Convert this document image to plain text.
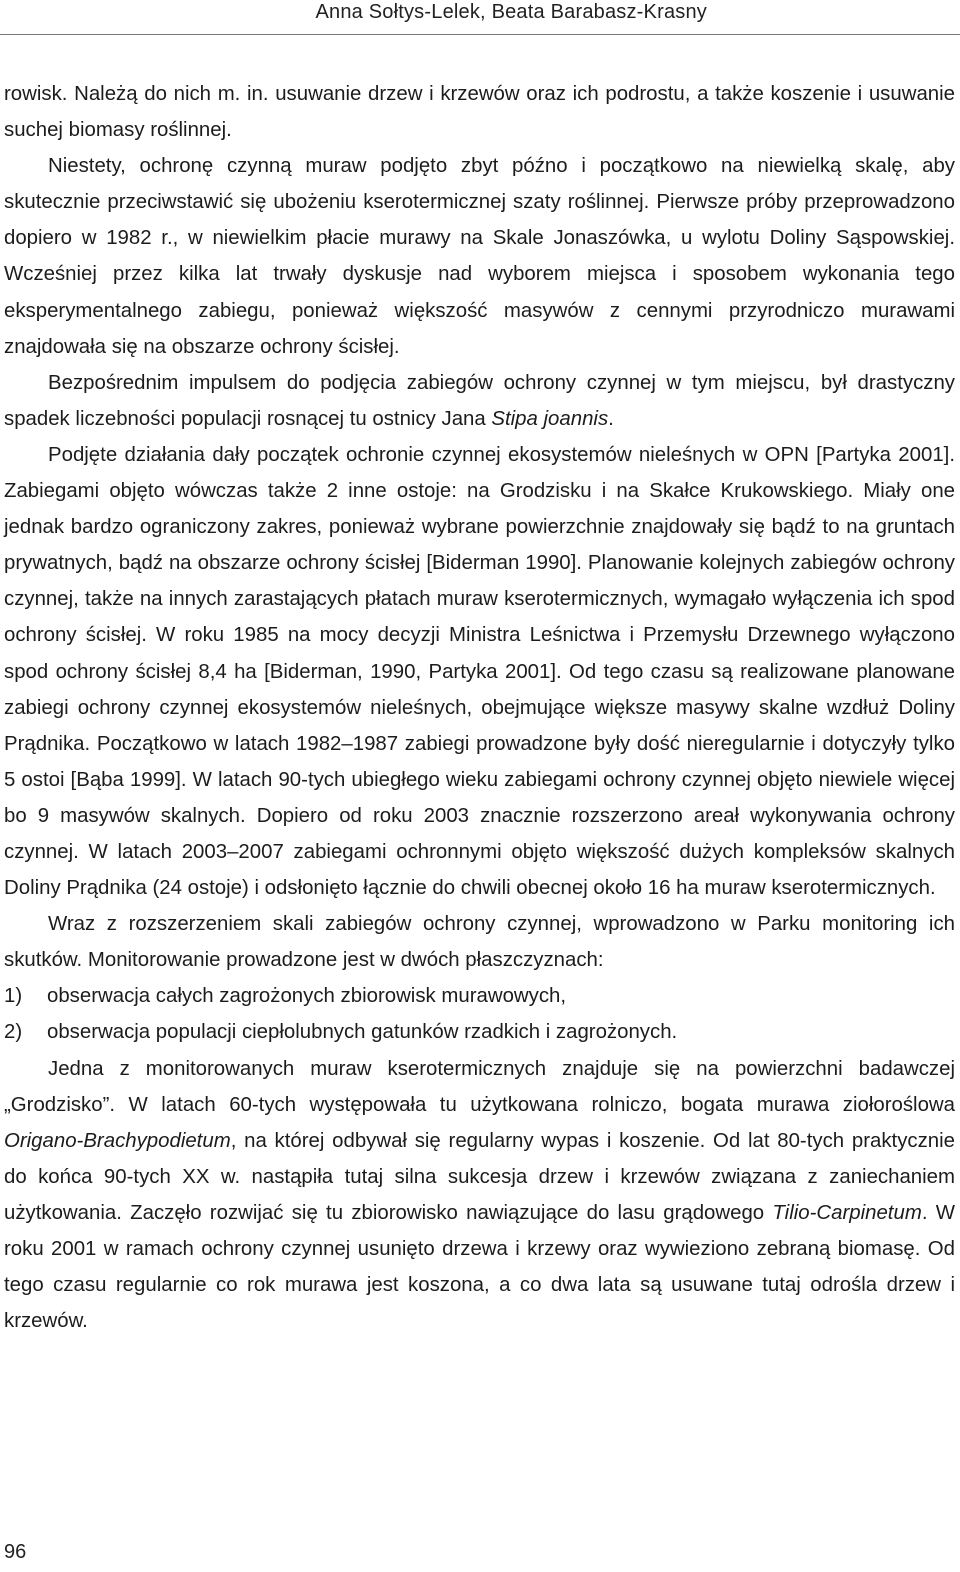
Anna Sołtys-Lelek, Beata Barabasz-Krasny

rowisk. Należą do nich m. in. usuwanie drzew i krzewów oraz ich podrostu, a także koszenie i usuwanie suchej biomasy roślinnej.

Niestety, ochronę czynną muraw podjęto zbyt późno i początkowo na niewielką skalę, aby skutecznie przeciwstawić się ubożeniu kserotermicznej szaty roślinnej. Pierwsze próby przeprowadzono dopiero w 1982 r., w niewielkim płacie murawy na Skale Jonaszówka, u wylotu Doliny Sąspowskiej. Wcześniej przez kilka lat trwały dyskusje nad wyborem miejsca i sposobem wykonania tego eksperymentalnego zabiegu, ponieważ większość masywów z cennymi przyrodniczo murawami znajdowała się na obszarze ochrony ścisłej.

Bezpośrednim impulsem do podjęcia zabiegów ochrony czynnej w tym miejscu, był drastyczny spadek liczebności populacji rosnącej tu ostnicy Jana Stipa joannis.

Podjęte działania dały początek ochronie czynnej ekosystemów nieleśnych w OPN [Partyka 2001]. Zabiegami objęto wówczas także 2 inne ostoje: na Grodzisku i na Skałce Krukowskiego. Miały one jednak bardzo ograniczony zakres, ponieważ wybrane powierzchnie znajdowały się bądź to na gruntach prywatnych, bądź na obszarze ochrony ścisłej [Biderman 1990]. Planowanie kolejnych zabiegów ochrony czynnej, także na innych zarastających płatach muraw kserotermicznych, wymagało wyłączenia ich spod ochrony ścisłej. W roku 1985 na mocy decyzji Ministra Leśnictwa i Przemysłu Drzewnego wyłączono spod ochrony ścisłej 8,4 ha [Biderman, 1990, Partyka 2001]. Od tego czasu są realizowane planowane zabiegi ochrony czynnej ekosystemów nieleśnych, obejmujące większe masywy skalne wzdłuż Doliny Prądnika. Początkowo w latach 1982–1987 zabiegi prowadzone były dość nieregularnie i dotyczyły tylko 5 ostoi [Bąba 1999]. W latach 90-tych ubiegłego wieku zabiegami ochrony czynnej objęto niewiele więcej bo 9 masywów skalnych. Dopiero od roku 2003 znacznie rozszerzono areał wykonywania ochrony czynnej. W latach 2003–2007 zabiegami ochronnymi objęto większość dużych kompleksów skalnych Doliny Prądnika (24 ostoje) i odsłonięto łącznie do chwili obecnej około 16 ha muraw kserotermicznych.

Wraz z rozszerzeniem skali zabiegów ochrony czynnej, wprowadzono w Parku monitoring ich skutków. Monitorowanie prowadzone jest w dwóch płaszczyznach:

1)	obserwacja całych zagrożonych zbiorowisk murawowych,
2)	obserwacja populacji ciepłolubnych gatunków rzadkich i zagrożonych.

Jedna z monitorowanych muraw kserotermicznych znajduje się na powierzchni badawczej „Grodzisko”. W latach 60-tych występowała tu użytkowana rolniczo, bogata murawa ziołoroślowa Origano-Brachypodietum, na której odbywał się regularny wypas i koszenie. Od lat 80-tych praktycznie do końca 90-tych XX w. nastąpiła tutaj silna sukcesja drzew i krzewów związana z zaniechaniem użytkowania. Zaczęło rozwijać się tu zbiorowisko nawiązujące do lasu grądowego Tilio-Carpinetum. W roku 2001 w ramach ochrony czynnej usunięto drzewa i krzewy oraz wywieziono zebraną biomasę. Od tego czasu regularnie co rok murawa jest koszona, a co dwa lata są usuwane tutaj odrośla drzew i krzewów.

96
